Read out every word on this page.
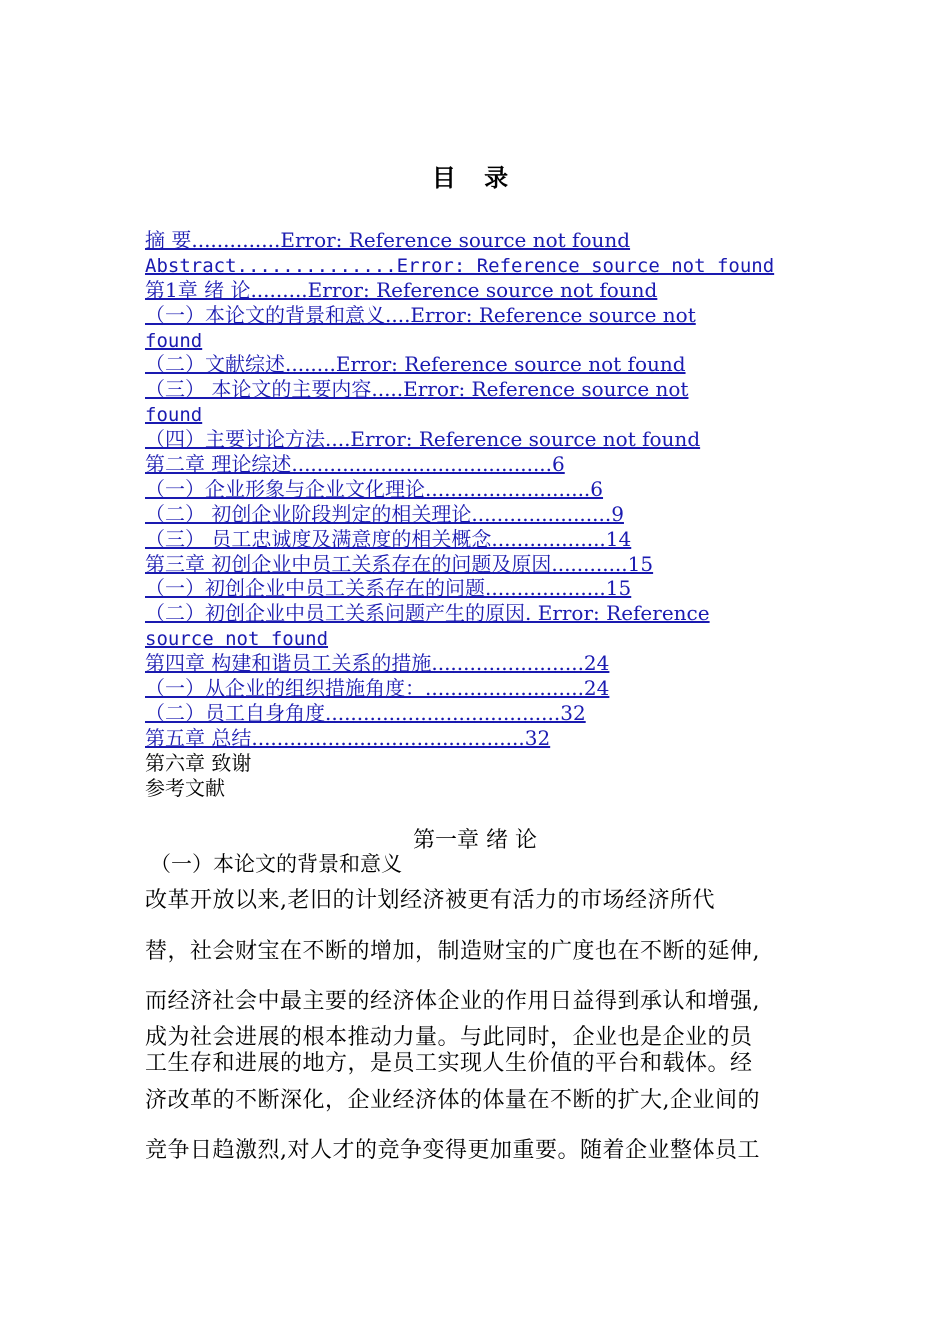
目 录
摘 要..............Error: Reference source not found
Abstract..............Error: Reference source not found
第1章 绪 论.........Error: Reference source not found
（一）本论文的背景和意义....Error: Reference source not
found
（二）文献综述........Error: Reference source not found
（三） 本论文的主要内容.....Error: Reference source not
found
（四）主要讨论方法....Error: Reference source not found
第二章 理论综述.........................................6
（一）企业形象与企业文化理论..........................6
（二） 初创企业阶段判定的相关理论......................9
（三） 员工忠诚度及满意度的相关概念..................14
第三章 初创企业中员工关系存在的问题及原因............15
（一）初创企业中员工关系存在的问题...................15
（二）初创企业中员工关系问题产生的原因. Error: Reference
source not found
第四章 构建和谐员工关系的措施........................24
（一）从企业的组织措施角度：.........................24
（二）员工自身角度.....................................32
第五章 总结...........................................32
第六章 致谢
参考文献
第一章 绪 论
（一）本论文的背景和意义
改革开放以来,老旧的计划经济被更有活力的市场经济所代
替，社会财宝在不断的增加，制造财宝的广度也在不断的延伸,
而经济社会中最主要的经济体企业的作用日益得到承认和增强,
成为社会进展的根本推动力量。与此同时，企业也是企业的员
工生存和进展的地方，是员工实现人生价值的平台和载体。经
济改革的不断深化，企业经济体的体量在不断的扩大,企业间的
竞争日趋激烈,对人才的竞争变得更加重要。随着企业整体员工
